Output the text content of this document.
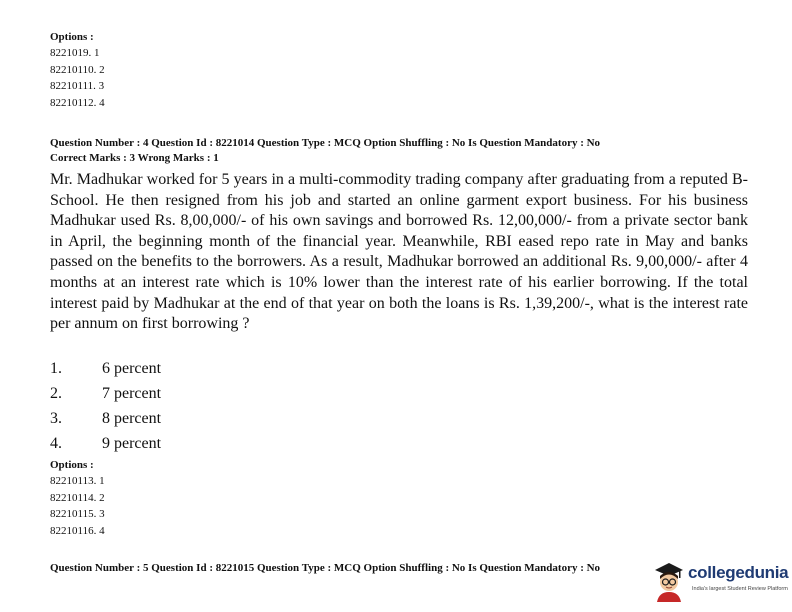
Options :
8221019. 1
82210110. 2
82210111. 3
82210112. 4
Question Number : 4 Question Id : 8221014 Question Type : MCQ Option Shuffling : No Is Question Mandatory : No
Correct Marks : 3 Wrong Marks : 1
Mr. Madhukar worked for 5 years in a multi-commodity trading company after graduating from a reputed B-School. He then resigned from his job and started an online garment export business. For his business Madhukar used Rs. 8,00,000/- of his own savings and borrowed Rs. 12,00,000/- from a private sector bank in April, the beginning month of the financial year. Meanwhile, RBI eased repo rate in May and banks passed on the benefits to the borrowers. As a result, Madhukar borrowed an additional Rs. 9,00,000/- after 4 months at an interest rate which is 10% lower than the interest rate of his earlier borrowing. If the total interest paid by Madhukar at the end of that year on both the loans is Rs. 1,39,200/-, what is the interest rate per annum on first borrowing ?
1.	6 percent
2.	7 percent
3.	8 percent
4.	9 percent
Options :
82210113. 1
82210114. 2
82210115. 3
82210116. 4
Question Number : 5 Question Id : 8221015 Question Type : MCQ Option Shuffling : No Is Question Mandatory : No	collegedunia
India's largest Student Review Platform
